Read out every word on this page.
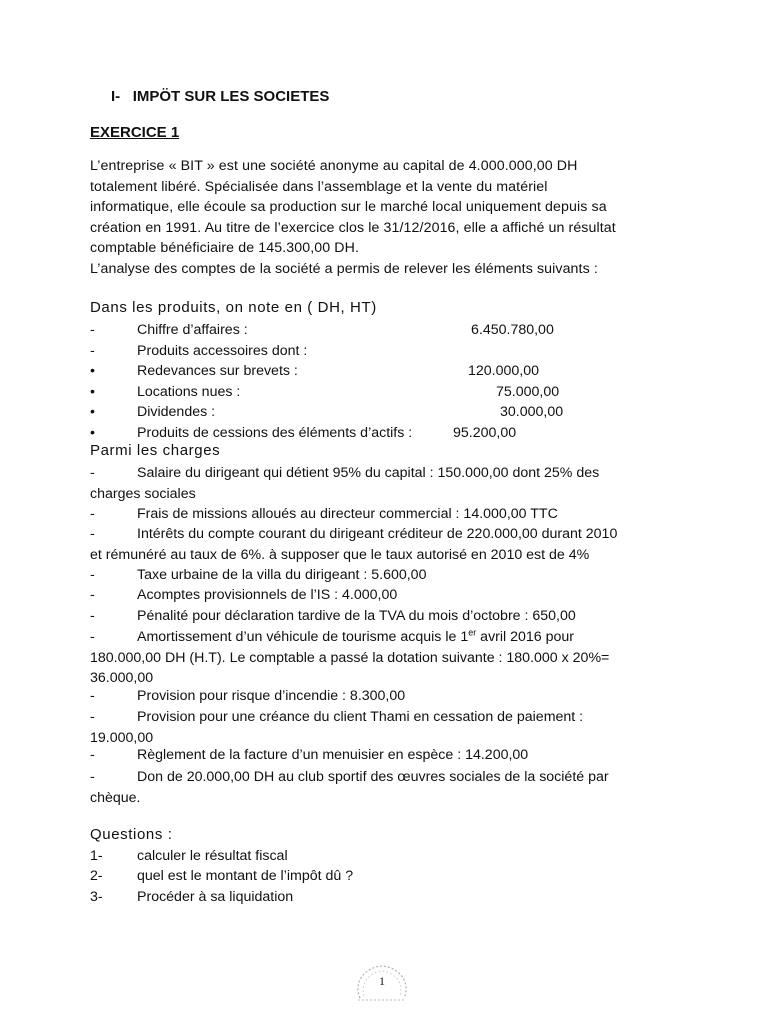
I- IMPÖT SUR LES SOCIETES
EXERCICE 1

L’entreprise « BIT » est une société anonyme au capital de 4.000.000,00 DH

totalement libéré. Spécialisée dans l’assemblage et la vente du matériel

informatique, elle écoule sa production sur le marché local uniquement depuis sa

création en 1991. Au titre de l’exercice clos le 31/12/2016, elle a affiché un résultat

comptable bénéficiaire de 145.300,00 DH.

L’analyse des comptes de la société a permis de relever les éléments suivants :

Dans les produits, on note en ( DH, HT)
-	Chiffre d’affaires :	6.450.780,00
-	Produits accessoires dont :
•	Redevances sur brevets :	120.000,00
•	Locations nues :	75.000,00
•	Dividendes :	30.000,00
•	Produits de cessions des éléments d’actifs :	95.200,00
Parmi les charges
-	Salaire du dirigeant qui détient 95% du capital : 150.000,00 dont 25% des
charges sociales
-	Frais de missions alloués au directeur commercial : 14.000,00 TTC
-	Intérêts du compte courant du dirigeant créditeur de 220.000,00 durant 2010
et rémunéré au taux de 6%. à supposer que le taux autorisé en 2010 est de 4%
-	Taxe urbaine de la villa du dirigeant : 5.600,00
-	Acomptes provisionnels de l’IS : 4.000,00
-	Pénalité pour déclaration tardive de la TVA du mois d’octobre : 650,00
-	Amortissement d’un véhicule de tourisme acquis le 1er avril 2016 pour
180.000,00 DH (H.T). Le comptable a passé la dotation suivante : 180.000 x 20%=
36.000,00
-	Provision pour risque d’incendie : 8.300,00
-	Provision pour une créance du client Thami en cessation de paiement :
19.000,00
-	Règlement de la facture d’un menuisier en espèce : 14.200,00
-	Don de 20.000,00 DH au club sportif des œuvres sociales de la société par
chèque.
Questions :
1- calculer le résultat fiscal
2- quel est le montant de l’impôt dû ?
3- Procéder à sa liquidation
1
